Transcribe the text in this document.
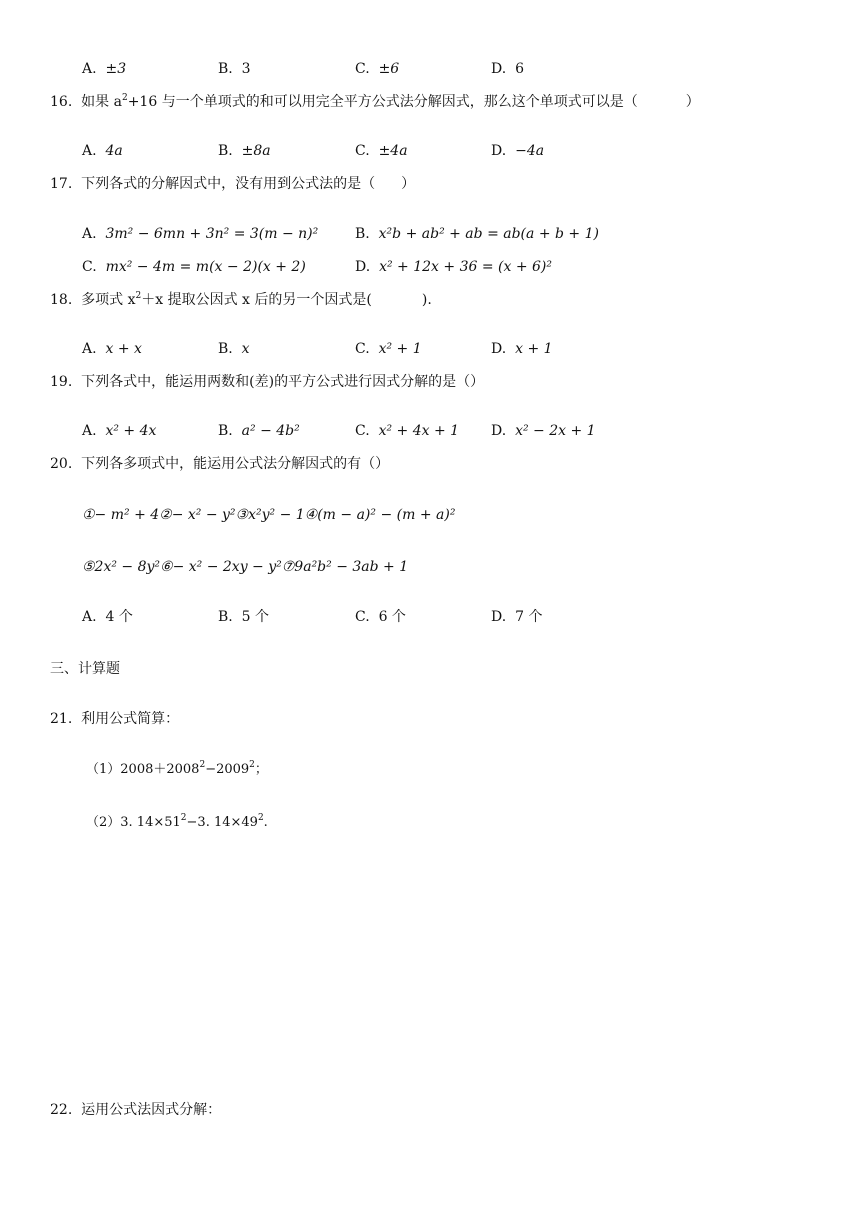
A. ±3	B. 3	C. ±6	D. 6
16. 如果 $a^2+16$ 与一个单项式的和可以用完全平方公式法分解因式，那么这个单项式可以是（	）
A. 4a	B. ±8a	C. ±4a	D. −4a
17. 下列各式的分解因式中，没有用到公式法的是（ ）
A. 3m² − 6mn + 3n² = 3(m − n)²	B. x²b + ab² + ab = ab(a + b + 1)
C. mx² − 4m = m(x − 2)(x + 2)	D. x² + 12x + 36 = (x + 6)²
18. 多项式 $x^2+x$ 提取公因式 x 后的另一个因式是(	).
A. x + x	B. x	C. x² + 1	D. x + 1
19. 下列各式中，能运用两数和(差)的平方公式进行因式分解的是（）
A. x² + 4x	B. a² − 4b²	C. x² + 4x + 1 D. x² − 2x + 1
20. 下列各多项式中，能运用公式法分解因式的有（）
①− m² + 4②− x² − y²③x²y² − 1④(m − a)² − (m + a)²
⑤2x² − 8y²⑥− x² − 2xy − y²⑦9a²b² − 3ab + 1
A. 4 个	B. 5 个	C. 6 个	D. 7 个
三、计算题
21. 利用公式简算：
$(1)2008+2008^2-2009^2$；
（2）3. $14\times 51^2-3$. $14\times 49^2$.
22. 运用公式法因式分解：
